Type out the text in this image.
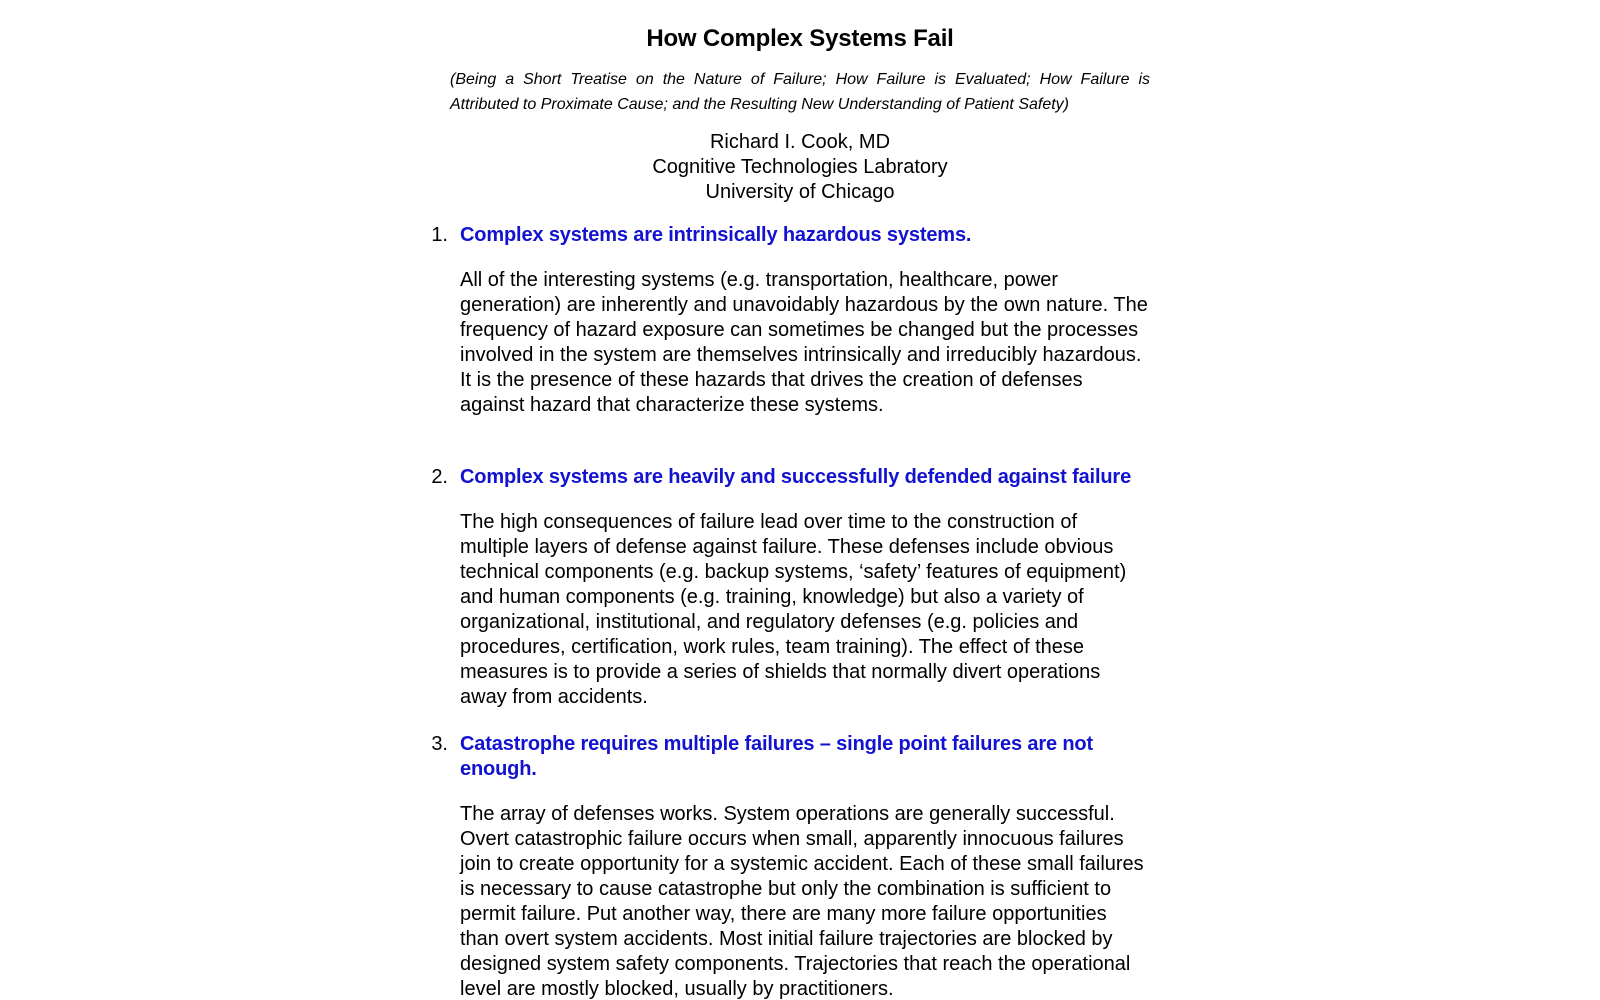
How Complex Systems Fail

(Being a Short Treatise on the Nature of Failure; How Failure is Evaluated; How Failure is Attributed to Proximate Cause; and the Resulting New Understanding of Patient Safety)

Richard I. Cook, MD
Cognitive Technologies Labratory
University of Chicago
1. Complex systems are intrinsically hazardous systems.
All of the interesting systems (e.g. transportation, healthcare, power generation) are inherently and unavoidably hazardous by the own nature. The frequency of hazard exposure can sometimes be changed but the processes involved in the system are themselves intrinsically and irreducibly hazardous. It is the presence of these hazards that drives the creation of defenses against hazard that characterize these systems.
2. Complex systems are heavily and successfully defended against failure
The high consequences of failure lead over time to the construction of multiple layers of defense against failure. These defenses include obvious technical components (e.g. backup systems, ‘safety’ features of equipment) and human components (e.g. training, knowledge) but also a variety of organizational, institutional, and regulatory defenses (e.g. policies and procedures, certification, work rules, team training). The effect of these measures is to provide a series of shields that normally divert operations away from accidents.
3. Catastrophe requires multiple failures – single point failures are not enough.
The array of defenses works. System operations are generally successful. Overt catastrophic failure occurs when small, apparently innocuous failures join to create opportunity for a systemic accident. Each of these small failures is necessary to cause catastrophe but only the combination is sufficient to permit failure. Put another way, there are many more failure opportunities than overt system accidents. Most initial failure trajectories are blocked by designed system safety components. Trajectories that reach the operational level are mostly blocked, usually by practitioners.
